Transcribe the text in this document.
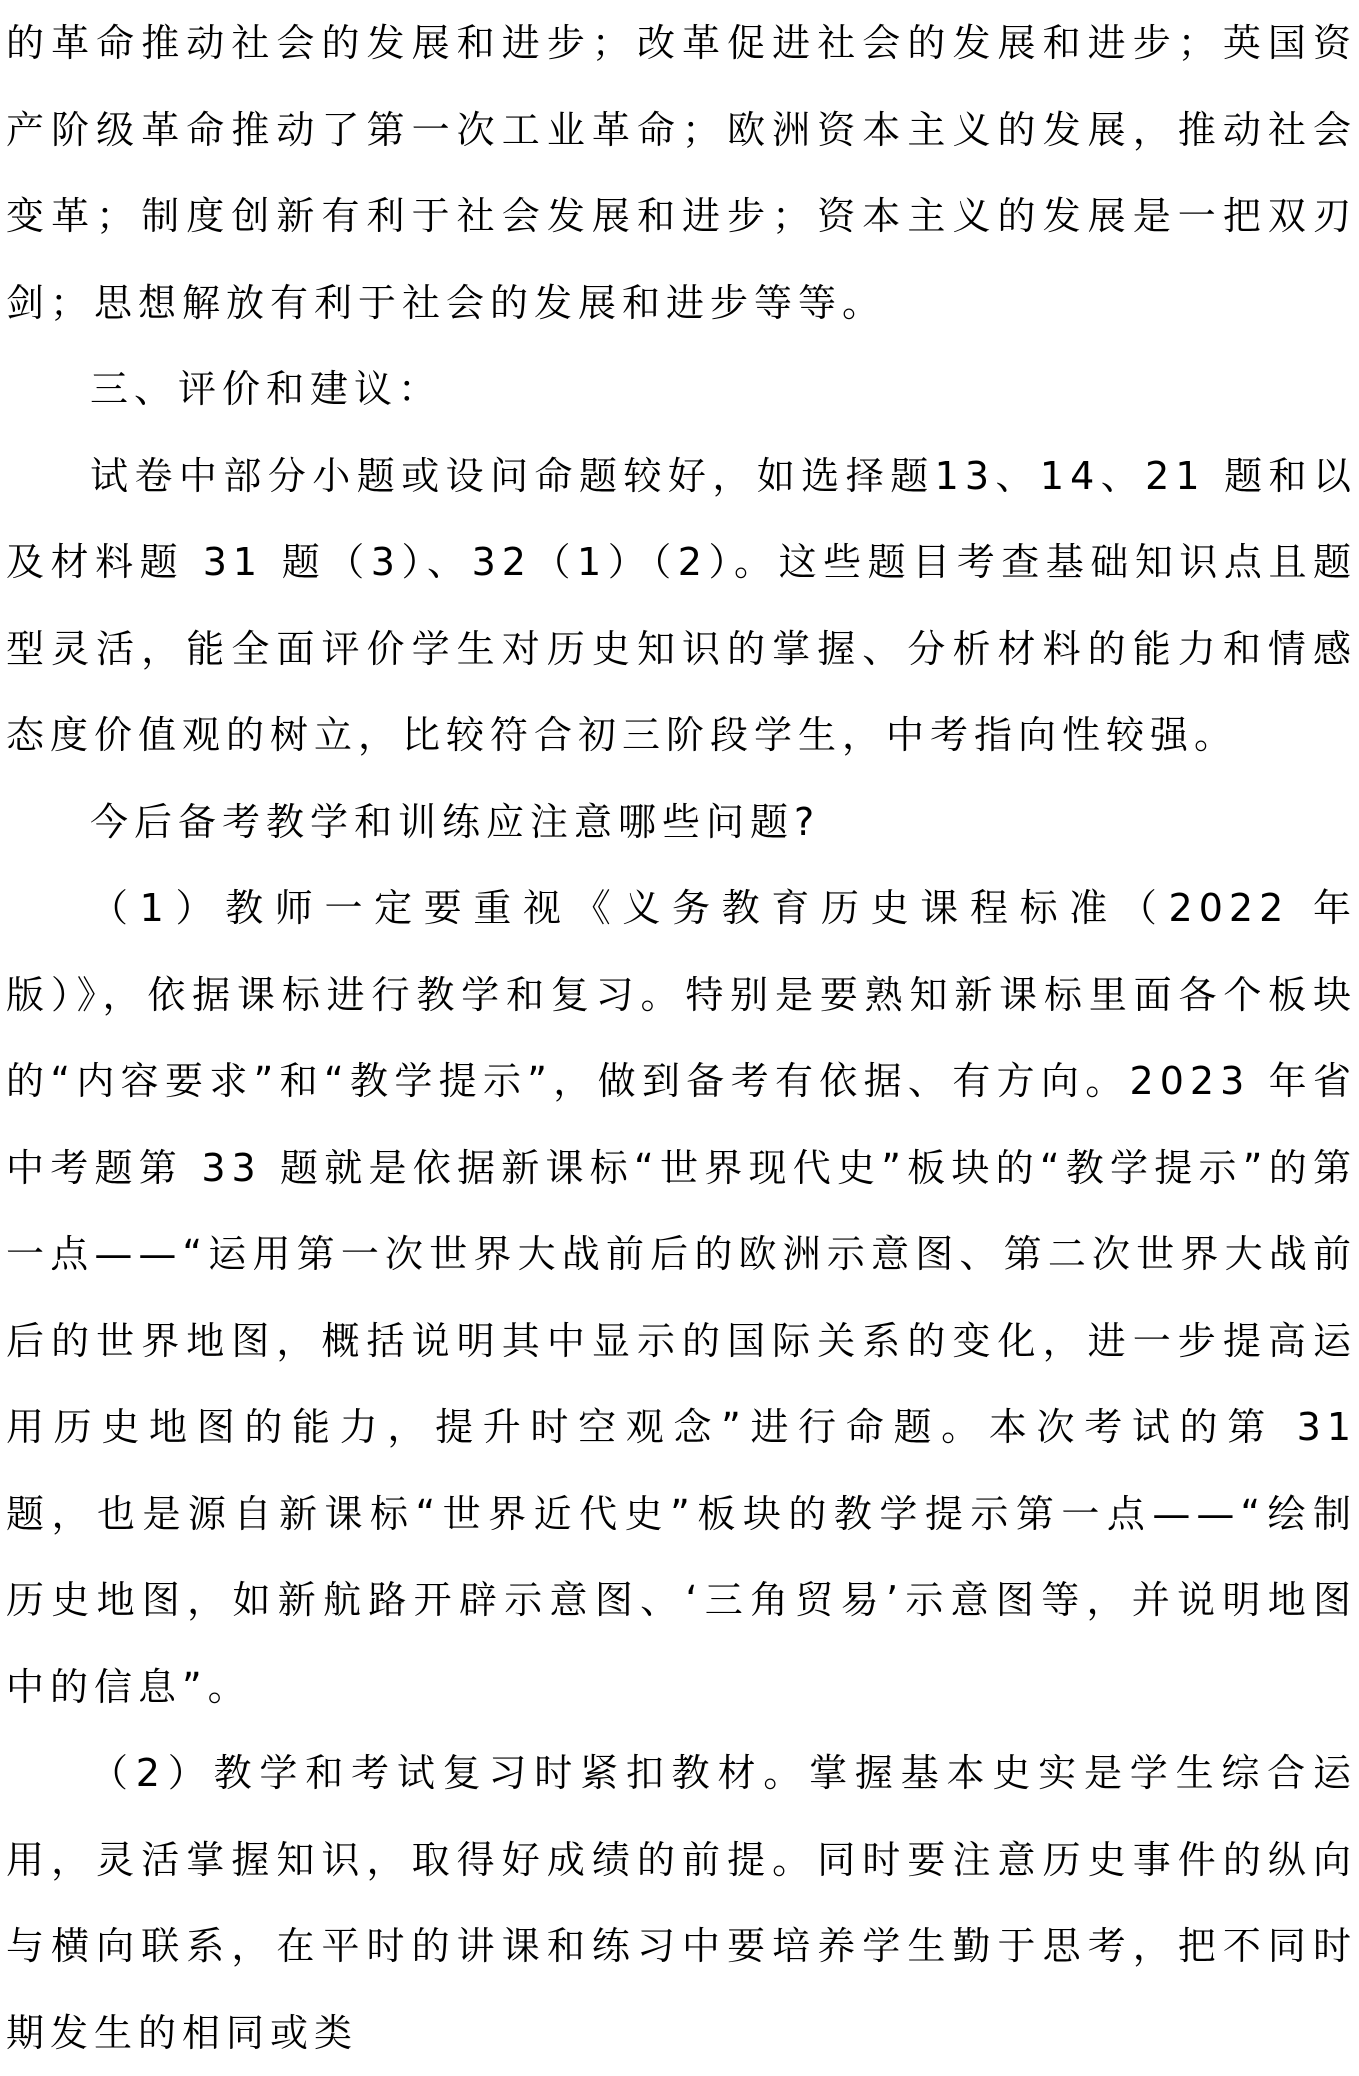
的革命推动社会的发展和进步；改革促进社会的发展和进步；英国资产阶级革命推动了第一次工业革命；欧洲资本主义的发展，推动社会变革；制度创新有利于社会发展和进步；资本主义的发展是一把双刃剑；思想解放有利于社会的发展和进步等等。

三、评价和建议：

试卷中部分小题或设问命题较好，如选择题13、14、21 题和以及材料题 31 题（3）、32（1）（2）。这些题目考查基础知识点且题型灵活，能全面评价学生对历史知识的掌握、分析材料的能力和情感态度价值观的树立，比较符合初三阶段学生，中考指向性较强。

今后备考教学和训练应注意哪些问题?

（1）教师一定要重视《义务教育历史课程标准（2022 年版）》，依据课标进行教学和复习。特别是要熟知新课标里面各个板块的“内容要求”和“教学提示”，做到备考有依据、有方向。2023 年省中考题第 33 题就是依据新课标“世界现代史”板块的“教学提示”的第一点——“运用第一次世界大战前后的欧洲示意图、第二次世界大战前后的世界地图，概括说明其中显示的国际关系的变化，进一步提高运用历史地图的能力，提升时空观念”进行命题。本次考试的第 31 题，也是源自新课标“世界近代史”板块的教学提示第一点——“绘制历史地图，如新航路开辟示意图、‘三角贸易’示意图等，并说明地图中的信息”。

（2）教学和考试复习时紧扣教材。掌握基本史实是学生综合运用，灵活掌握知识，取得好成绩的前提。同时要注意历史事件的纵向与横向联系，在平时的讲课和练习中要培养学生勤于思考，把不同时期发生的相同或类
